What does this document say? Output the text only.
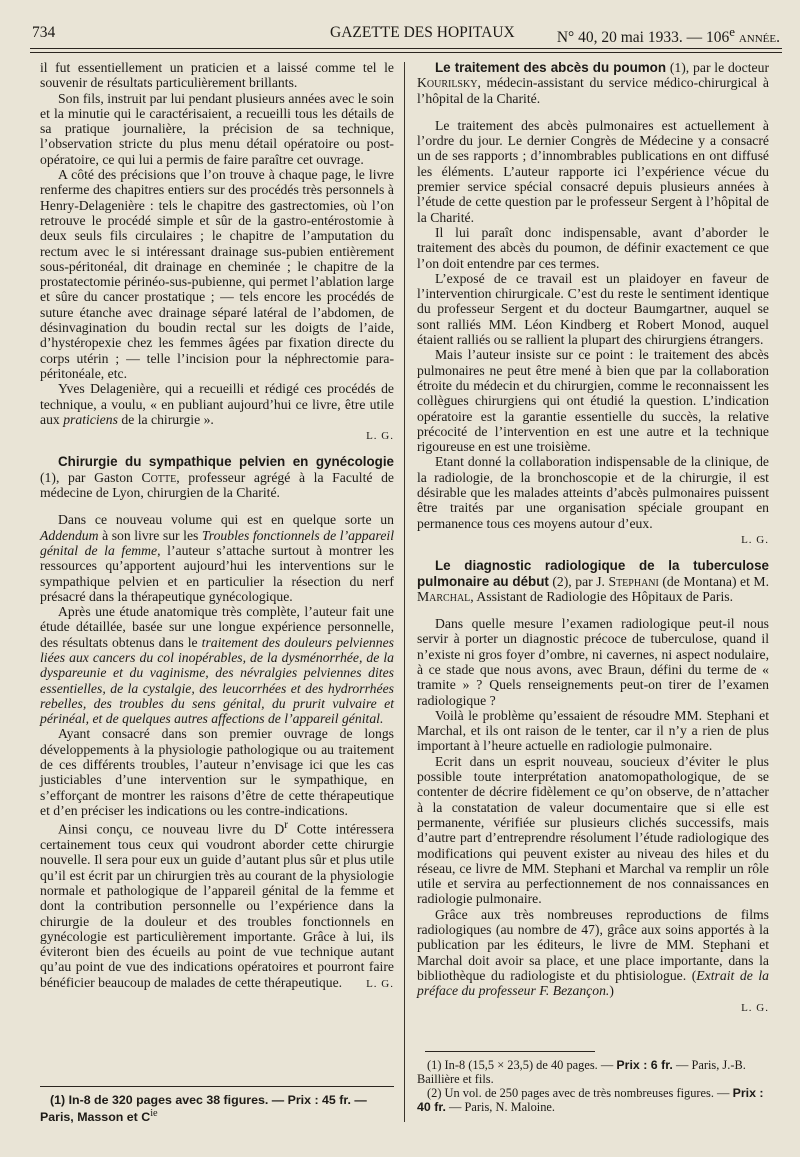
734	GAZETTE DES HOPITAUX	N° 40, 20 mai 1933. — 106e année.

il fut essentiellement un praticien et a laissé comme tel le souvenir de résultats particulièrement brillants.

Son fils, instruit par lui pendant plusieurs années avec le soin et la minutie qui le caractérisaient, a recueilli tous les détails de sa pratique journalière, la précision de sa technique, l’observation stricte du plus menu détail opératoire ou post-opératoire, ce qui lui a permis de faire paraître cet ouvrage.

A côté des précisions que l’on trouve à chaque page, le livre renferme des chapitres entiers sur des procédés très personnels à Henry-Delagenière : tels le chapitre des gastrectomies, où l’on retrouve le procédé simple et sûr de la gastro-entérostomie à deux seuls fils circulaires ; le chapitre de l’amputation du rectum avec le si intéressant drainage sus-pubien entièrement sous-péritonéal, dit drainage en cheminée ; le chapitre de la prostatectomie périnéo-sus-pubienne, qui permet l’ablation large et sûre du cancer prostatique ; — tels encore les procédés de suture étanche avec drainage séparé latéral de l’abdomen, de désinvagination du boudin rectal sur les doigts de l’aide, d’hystéropexie chez les femmes âgées par fixation directe du corps utérin ; — telle l’incision pour la néphrectomie para-péritonéale, etc.

Yves Delagenière, qui a recueilli et rédigé ces procédés de technique, a voulu, « en publiant aujourd’hui ce livre, être utile aux praticiens de la chirurgie ».

L. G.

Chirurgie du sympathique pelvien en gynécologie (1), par Gaston Cotte, professeur agrégé à la Faculté de médecine de Lyon, chirurgien de la Charité.

Dans ce nouveau volume qui est en quelque sorte un Addendum à son livre sur les Troubles fonctionnels de l’appareil génital de la femme, l’auteur s’attache surtout à montrer les ressources qu’apportent aujourd’hui les interventions sur le sympathique pelvien et en particulier la résection du nerf présacré dans la thérapeutique gynécologique.

Après une étude anatomique très complète, l’auteur fait une étude détaillée, basée sur une longue expérience personnelle, des résultats obtenus dans le traitement des douleurs pelviennes liées aux cancers du col inopérables, de la dysménorrhée, de la dyspareunie et du vaginisme, des névralgies pelviennes dites essentielles, de la cystalgie, des leucorrhées et des hydrorrhées rebelles, des troubles du sens génital, du prurit vulvaire et périnéal, et de quelques autres affections de l’appareil génital.

Ayant consacré dans son premier ouvrage de longs développements à la physiologie pathologique ou au traitement de ces différents troubles, l’auteur n’envisage ici que les cas justiciables d’une intervention sur le sympathique, en s’efforçant de montrer les raisons d’être de cette thérapeutique et d’en préciser les indications ou les contre-indications.

Ainsi conçu, ce nouveau livre du $D^r$ Cotte intéressera certainement tous ceux qui voudront aborder cette chirurgie nouvelle. Il sera pour eux un guide d’autant plus sûr et plus utile qu’il est écrit par un chirurgien très au courant de la physiologie normale et pathologique de l’appareil génital de la femme et dont la contribution personnelle ou l’expérience dans la chirurgie de la douleur et des troubles fonctionnels en gynécologie est particulièrement importante. Grâce à lui, ils éviteront bien des écueils au point de vue technique autant qu’au point de vue des indications opératoires et pourront faire bénéficier beaucoup de malades de cette thérapeutique.	L. G.

(1) In-8 de 320 pages avec 38 figures. — Prix : 45 fr. — Paris, Masson et $C^{ie}$

Le traitement des abcès du poumon (1), par le docteur Kourilsky, médecin-assistant du service médico-chirurgical à l’hôpital de la Charité.

Le traitement des abcès pulmonaires est actuellement à l’ordre du jour. Le dernier Congrès de Médecine y a consacré un de ses rapports ; d’innombrables publications en ont diffusé les éléments. L’auteur rapporte ici l’expérience vécue du premier service spécial consacré depuis plusieurs années à l’étude de cette question par le professeur Sergent à l’hôpital de la Charité.

Il lui paraît donc indispensable, avant d’aborder le traitement des abcès du poumon, de définir exactement ce que l’on doit entendre par ces termes.

L’exposé de ce travail est un plaidoyer en faveur de l’intervention chirurgicale. C’est du reste le sentiment identique du professeur Sergent et du docteur Baumgartner, auquel se sont ralliés MM. Léon Kindberg et Robert Monod, auquel étaient ralliés ou se rallient la plupart des chirurgiens étrangers.

Mais l’auteur insiste sur ce point : le traitement des abcès pulmonaires ne peut être mené à bien que par la collaboration étroite du médecin et du chirurgien, comme le reconnaissent les collègues chirurgiens qui ont étudié la question. L’indication opératoire est la garantie essentielle du succès, la relative précocité de l’intervention en est une autre et la technique rigoureuse en est une troisième.

Etant donné la collaboration indispensable de la clinique, de la radiologie, de la bronchoscopie et de la chirurgie, il est désirable que les malades atteints d’abcès pulmonaires puissent être traités par une organisation spéciale groupant en permanence tous ces moyens autour d’eux.

L. G.

Le diagnostic radiologique de la tuberculose pulmonaire au début (2), par J. Stephani (de Montana) et M. Marchal, Assistant de Radiologie des Hôpitaux de Paris.

Dans quelle mesure l’examen radiologique peut-il nous servir à porter un diagnostic précoce de tuberculose, quand il n’existe ni gros foyer d’ombre, ni cavernes, ni aspect nodulaire, à ce stade que nous avons, avec Braun, défini du terme de « tramite » ? Quels renseignements peut-on tirer de l’examen radiologique ?

Voilà le problème qu’essaient de résoudre MM. Stephani et Marchal, et ils ont raison de le tenter, car il n’y a rien de plus important à l’heure actuelle en radiologie pulmonaire.

Ecrit dans un esprit nouveau, soucieux d’éviter le plus possible toute interprétation anatomopathologique, de se contenter de décrire fidèlement ce qu’on observe, de n’attacher à la constatation de valeur documentaire que si elle est permanente, vérifiée sur plusieurs clichés successifs, mais d’autre part d’entreprendre résolument l’étude radiologique des modifications qui peuvent exister au niveau des hiles et du réseau, ce livre de MM. Stephani et Marchal va remplir un rôle utile et servira au perfectionnement de nos connaissances en radiologie pulmonaire.

Grâce aux très nombreuses reproductions de films radiologiques (au nombre de 47), grâce aux soins apportés à la publication par les éditeurs, le livre de MM. Stephani et Marchal doit avoir sa place, et une place importante, dans la bibliothèque du radiologiste et du phtisiologue. (Extrait de la préface du professeur F. Bezançon.)

L. G.

(1) In-8 (15,5 × 23,5) de 40 pages. — Prix : 6 fr. — Paris, J.-B. Baillière et fils.

(2) Un vol. de 250 pages avec de très nombreuses figures. — Prix : 40 fr. — Paris, N. Maloine.
